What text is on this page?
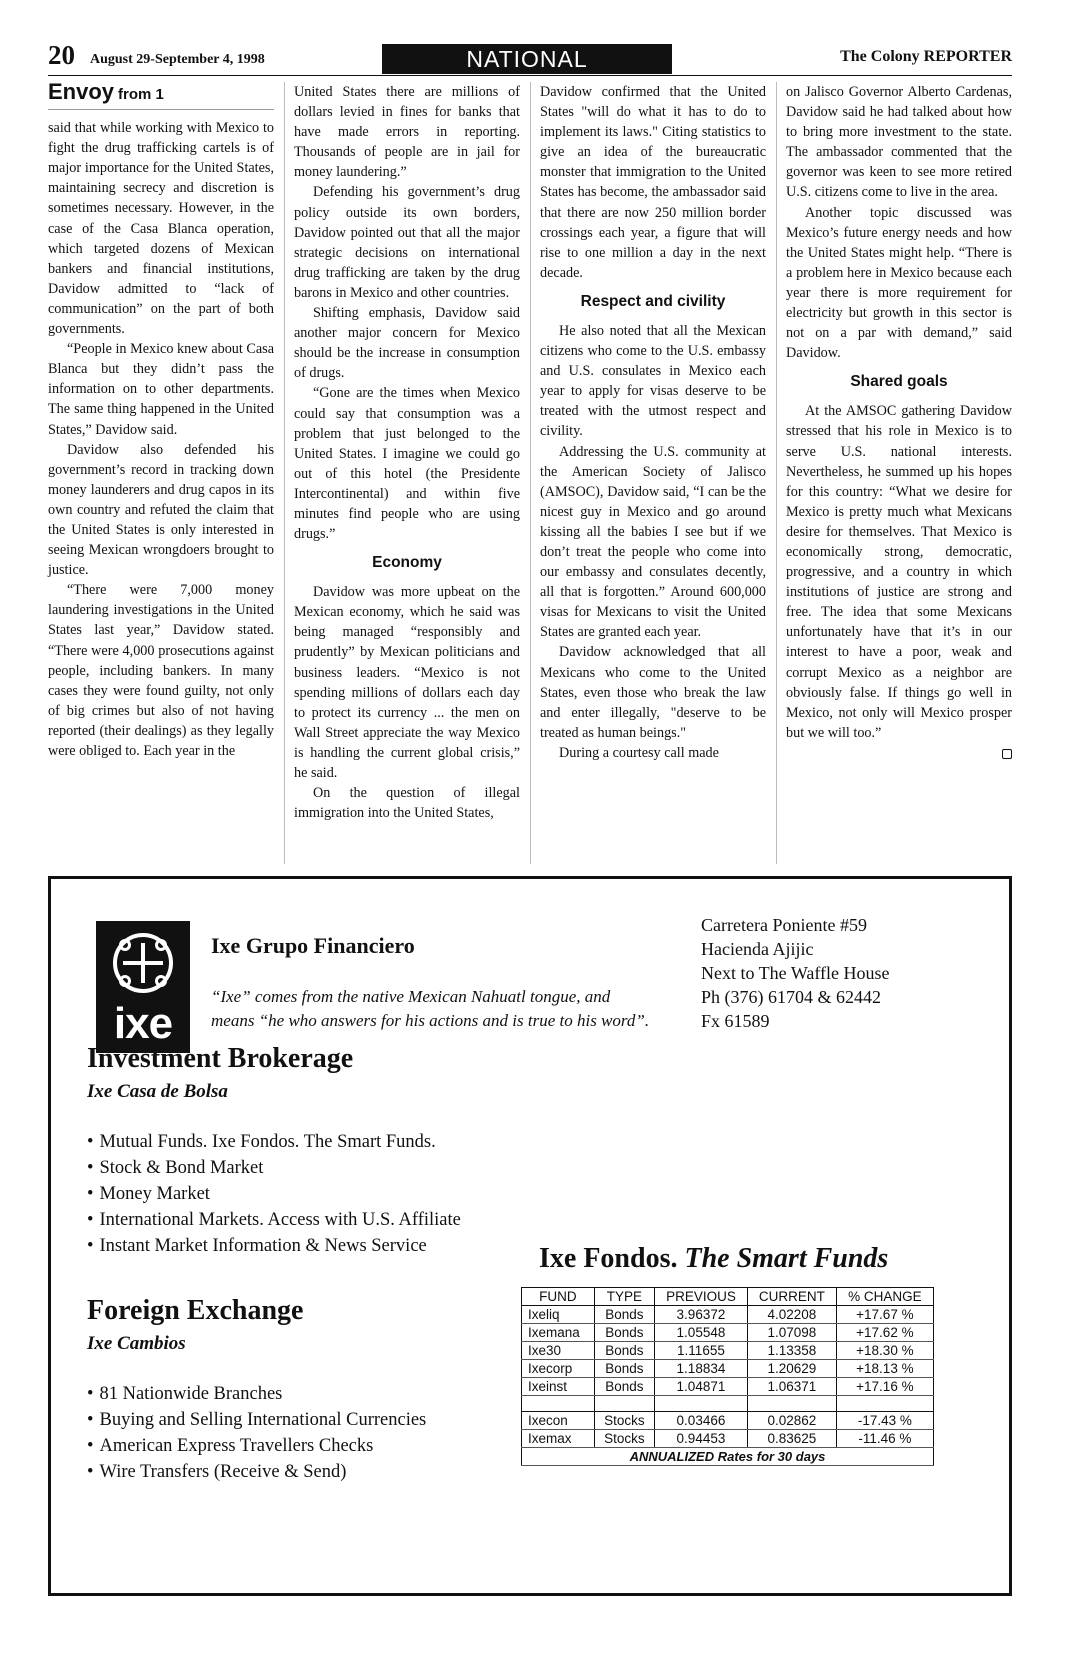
20 August 29-September 4, 1998	NATIONAL	The Colony REPORTER
Envoy from 1

said that while working with Mexico to fight the drug trafficking cartels is of major importance for the United States, maintaining secrecy and discretion is sometimes necessary. However, in the case of the Casa Blanca operation, which targeted dozens of Mexican bankers and financial institutions, Davidow admitted to “lack of communication” on the part of both governments.

“People in Mexico knew about Casa Blanca but they didn’t pass the information on to other departments. The same thing happened in the United States,” Davidow said.

Davidow also defended his government’s record in tracking down money launderers and drug capos in its own country and refuted the claim that the United States is only interested in seeing Mexican wrongdoers brought to justice.

“There were 7,000 money laundering investigations in the United States last year,” Davidow stated. “There were 4,000 prosecutions against people, including bankers. In many cases they were found guilty, not only of big crimes but also of not having reported (their dealings) as they legally were obliged to. Each year in the

United States there are millions of dollars levied in fines for banks that have made errors in reporting. Thousands of people are in jail for money laundering.”

Defending his government’s drug policy outside its own borders, Davidow pointed out that all the major strategic decisions on international drug trafficking are taken by the drug barons in Mexico and other countries.

Shifting emphasis, Davidow said another major concern for Mexico should be the increase in consumption of drugs.

“Gone are the times when Mexico could say that consumption was a problem that just belonged to the United States. I imagine we could go out of this hotel (the Presidente Intercontinental) and within five minutes find people who are using drugs.”

Economy

Davidow was more upbeat on the Mexican economy, which he said was being managed “responsibly and prudently” by Mexican politicians and business leaders. “Mexico is not spending millions of dollars each day to protect its currency ... the men on Wall Street appreciate the way Mexico is handling the current global crisis,” he said.

On the question of illegal immigration into the United States,

Davidow confirmed that the United States "will do what it has to do to implement its laws." Citing statistics to give an idea of the bureaucratic monster that immigration to the United States has become, the ambassador said that there are now 250 million border crossings each year, a figure that will rise to one million a day in the next decade.

Respect and civility

He also noted that all the Mexican citizens who come to the U.S. embassy and U.S. consulates in Mexico each year to apply for visas deserve to be treated with the utmost respect and civility.

Addressing the U.S. community at the American Society of Jalisco (AMSOC), Davidow said, “I can be the nicest guy in Mexico and go around kissing all the babies I see but if we don’t treat the people who come into our embassy and consulates decently, all that is forgotten.” Around 600,000 visas for Mexicans to visit the United States are granted each year.

Davidow acknowledged that all Mexicans who come to the United States, even those who break the law and enter illegally, "deserve to be treated as human beings."

During a courtesy call made

on Jalisco Governor Alberto Cardenas, Davidow said he had talked about how to bring more investment to the state. The ambassador commented that the governor was keen to see more retired U.S. citizens come to live in the area.

Another topic discussed was Mexico’s future energy needs and how the United States might help. “There is a problem here in Mexico because each year there is more requirement for electricity but growth in this sector is not on a par with demand,” said Davidow.

Shared goals

At the AMSOC gathering Davidow stressed that his role in Mexico is to serve U.S. national interests. Nevertheless, he summed up his hopes for this country: “What we desire for Mexico is pretty much what Mexicans desire for themselves. That Mexico is economically strong, democratic, progressive, and a country in which institutions of justice are strong and free. The idea that some Mexicans unfortunately have that it’s in our interest to have a poor, weak and corrupt Mexico as a neighbor are obviously false. If things go well in Mexico, not only will Mexico prosper but we will too.”

ixe
Ixe Grupo Financiero
“Ixe” comes from the native Mexican Nahuatl tongue, and means “he who answers for his actions and is true to his word”.
Carretera Poniente #59
Hacienda Ajijic
Next to The Waffle House
Ph (376) 61704 & 62442
Fx 61589
Investment Brokerage
Ixe Casa de Bolsa
• Mutual Funds. Ixe Fondos. The Smart Funds.
• Stock & Bond Market
• Money Market
• International Markets. Access with U.S. Affiliate
• Instant Market Information & News Service
Foreign Exchange
Ixe Cambios
• 81 Nationwide Branches
• Buying and Selling International Currencies
• American Express Travellers Checks
• Wire Transfers (Receive & Send)
Ixe Fondos. The Smart Funds
FUND	TYPE	PREVIOUS	CURRENT	% CHANGE
Ixeliq	Bonds	3.96372	4.02208	+17.67 %
Ixemana	Bonds	1.05548	1.07098	+17.62 %
Ixe30	Bonds	1.11655	1.13358	+18.30 %
Ixecorp	Bonds	1.18834	1.20629	+18.13 %
Ixeinst	Bonds	1.04871	1.06371	+17.16 %

Ixecon	Stocks	0.03466	0.02862	-17.43 %
Ixemax	Stocks	0.94453	0.83625	-11.46 %
ANNUALIZED Rates for 30 days				
